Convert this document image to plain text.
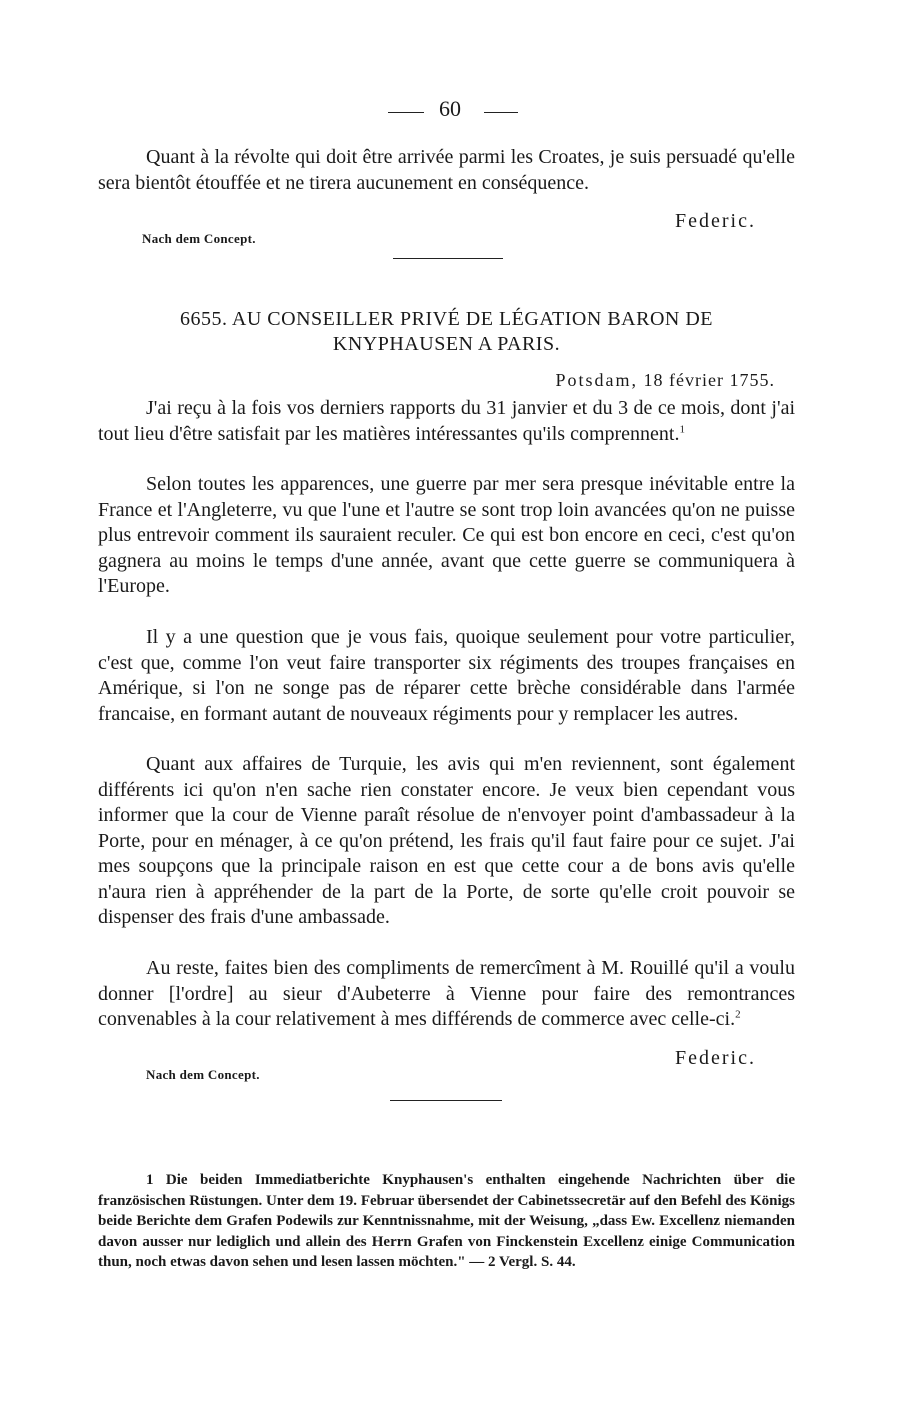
60

Quant à la révolte qui doit être arrivée parmi les Croates, je suis persuadé qu'elle sera bientôt étouffée et ne tirera aucunement en conséquence.

Federic.
Nach dem Concept.
6655. AU CONSEILLER PRIVÉ DE LÉGATION BARON DE
KNYPHAUSEN A PARIS.
Potsdam, 18 février 1755.

J'ai reçu à la fois vos derniers rapports du 31 janvier et du 3 de ce mois, dont j'ai tout lieu d'être satisfait par les matières intéressantes qu'ils comprennent.$^1$

Selon toutes les apparences, une guerre par mer sera presque inévitable entre la France et l'Angleterre, vu que l'une et l'autre se sont trop loin avancées qu'on ne puisse plus entrevoir comment ils sauraient reculer. Ce qui est bon encore en ceci, c'est qu'on gagnera au moins le temps d'une année, avant que cette guerre se communiquera à l'Europe.

Il y a une question que je vous fais, quoique seulement pour votre particulier, c'est que, comme l'on veut faire transporter six régiments des troupes françaises en Amérique, si l'on ne songe pas de réparer cette brèche considérable dans l'armée francaise, en formant autant de nouveaux régiments pour y remplacer les autres.

Quant aux affaires de Turquie, les avis qui m'en reviennent, sont également différents ici qu'on n'en sache rien constater encore. Je veux bien cependant vous informer que la cour de Vienne paraît résolue de n'envoyer point d'ambassadeur à la Porte, pour en ménager, à ce qu'on prétend, les frais qu'il faut faire pour ce sujet. J'ai mes soupçons que la principale raison en est que cette cour a de bons avis qu'elle n'aura rien à appréhender de la part de la Porte, de sorte qu'elle croit pouvoir se dispenser des frais d'une ambassade.

Au reste, faites bien des compliments de remercîment à M. Rouillé qu'il a voulu donner [l'ordre] au sieur d'Aubeterre à Vienne pour faire des remontrances convenables à la cour relativement à mes différends de commerce avec celle-ci.$^2$

Federic.
Nach dem Concept.

1 Die beiden Immediatberichte Knyphausen's enthalten eingehende Nachrichten über die französischen Rüstungen. Unter dem 19. Februar übersendet der Cabinetssecretär auf den Befehl des Königs beide Berichte dem Grafen Podewils zur Kenntnissnahme, mit der Weisung, „dass Ew. Excellenz niemanden davon ausser nur lediglich und allein des Herrn Grafen von Finckenstein Excellenz einige Communication thun, noch etwas davon sehen und lesen lassen möchten." — 2 Vergl. S. 44.
